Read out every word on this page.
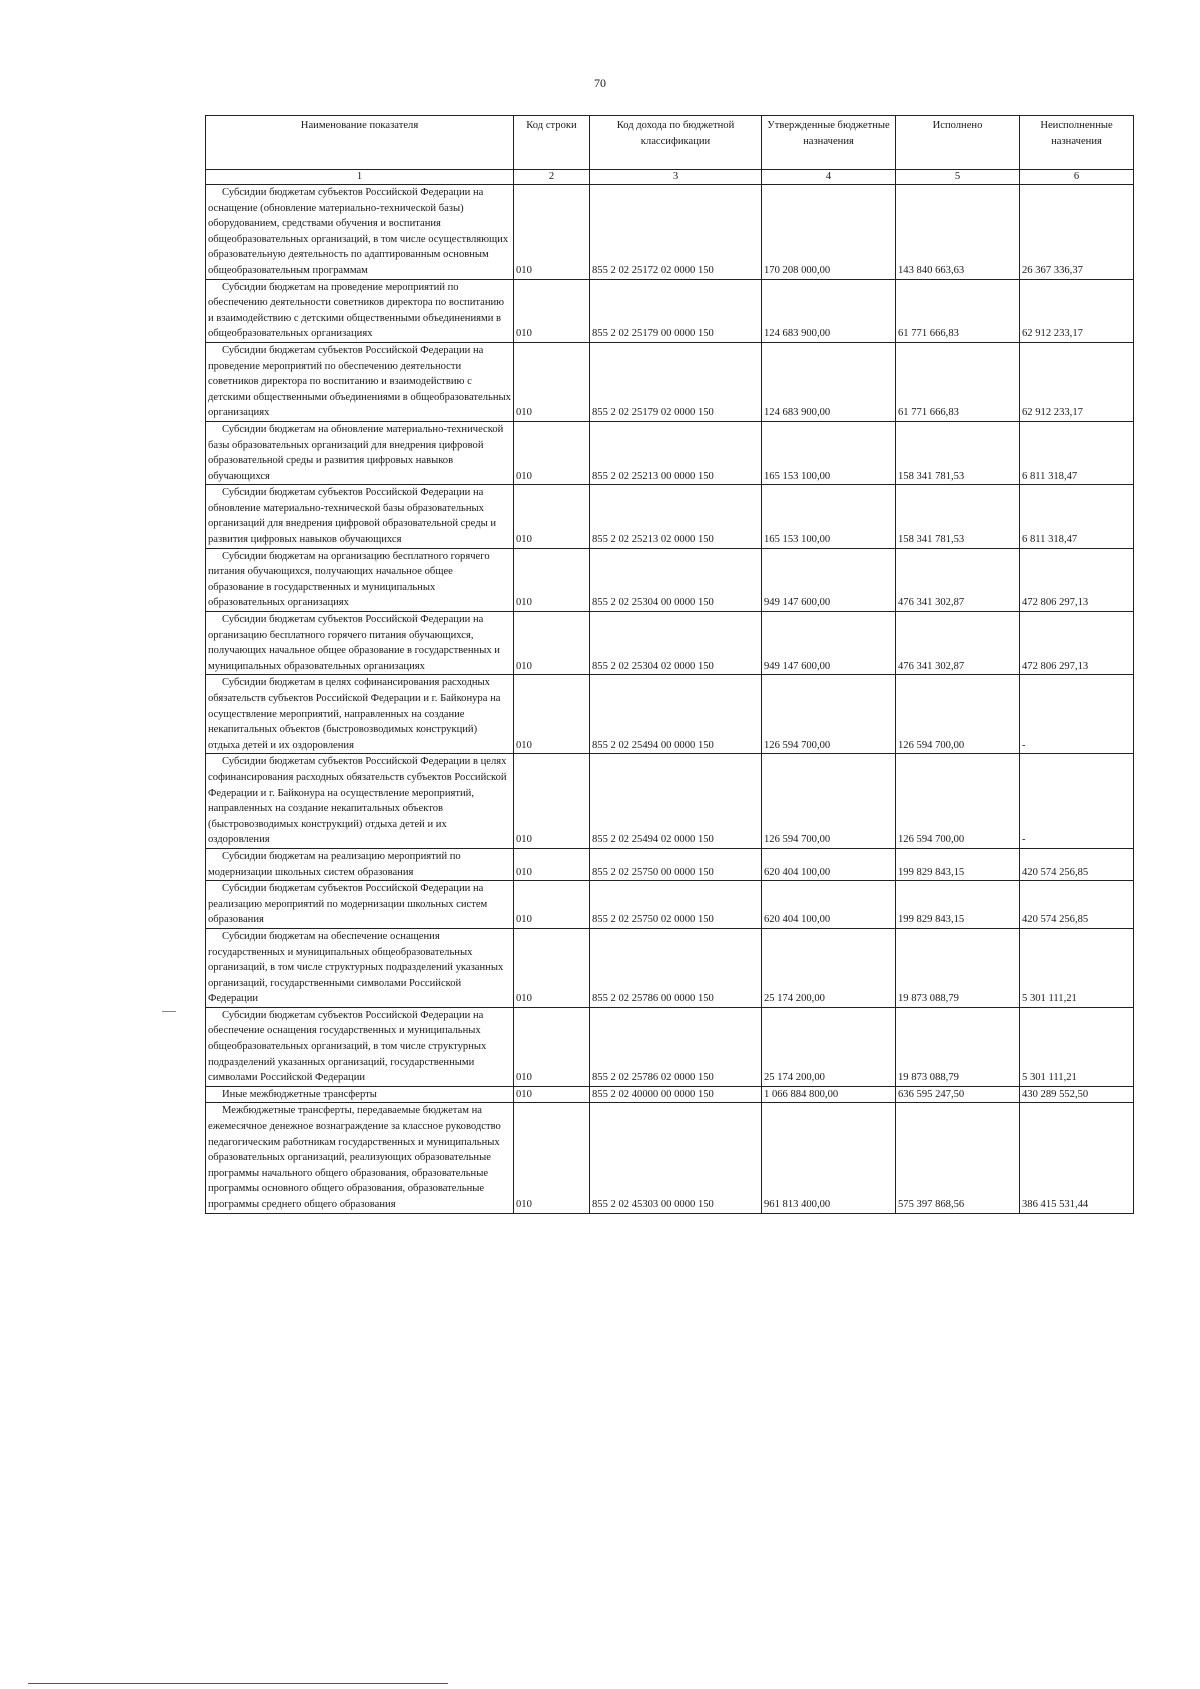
70
Наименование показателя	Код строки	Код дохода по бюджетной классификации	Утвержденные бюджетные назначения	Исполнено	Неисполненные назначения
1	2	3	4	5	6

Субсидии бюджетам субъектов Российской Федерации на оснащение (обновление материально-технической базы) оборудованием, средствами обучения и воспитания общеобразовательных организаций, в том числе осуществляющих образовательную деятельность по адаптированным основным общеобразовательным программам	010	855 2 02 25172 02 0000 150	170 208 000,00	143 840 663,63	26 367 336,37

Субсидии бюджетам на проведение мероприятий по обеспечению деятельности советников директора по воспитанию и взаимодействию с детскими общественными объединениями в общеобразовательных организациях	010	855 2 02 25179 00 0000 150	124 683 900,00	61 771 666,83	62 912 233,17

Субсидии бюджетам субъектов Российской Федерации на проведение мероприятий по обеспечению деятельности советников директора по воспитанию и взаимодействию с детскими общественными объединениями в общеобразовательных организациях	010	855 2 02 25179 02 0000 150	124 683 900,00	61 771 666,83	62 912 233,17

Субсидии бюджетам на обновление материально-технической базы образовательных организаций для внедрения цифровой образовательной среды и развития цифровых навыков обучающихся	010	855 2 02 25213 00 0000 150	165 153 100,00	158 341 781,53	6 811 318,47

Субсидии бюджетам субъектов Российской Федерации на обновление материально-технической базы образовательных организаций для внедрения цифровой образовательной среды и развития цифровых навыков обучающихся	010	855 2 02 25213 02 0000 150	165 153 100,00	158 341 781,53	6 811 318,47

Субсидии бюджетам на организацию бесплатного горячего питания обучающихся, получающих начальное общее образование в государственных и муниципальных образовательных организациях	010	855 2 02 25304 00 0000 150	949 147 600,00	476 341 302,87	472 806 297,13

Субсидии бюджетам субъектов Российской Федерации на организацию бесплатного горячего питания обучающихся, получающих начальное общее образование в государственных и муниципальных образовательных организациях	010	855 2 02 25304 02 0000 150	949 147 600,00	476 341 302,87	472 806 297,13

Субсидии бюджетам в целях софинансирования расходных обязательств субъектов Российской Федерации и г. Байконура на осуществление мероприятий, направленных на создание некапитальных объектов (быстровозводимых конструкций) отдыха детей и их оздоровления	010	855 2 02 25494 00 0000 150	126 594 700,00	126 594 700,00	-

Субсидии бюджетам субъектов Российской Федерации в целях софинансирования расходных обязательств субъектов Российской Федерации и г. Байконура на осуществление мероприятий, направленных на создание некапитальных объектов (быстровозводимых конструкций) отдыха детей и их оздоровления	010	855 2 02 25494 02 0000 150	126 594 700,00	126 594 700,00	-

Субсидии бюджетам на реализацию мероприятий по модернизации школьных систем образования	010	855 2 02 25750 00 0000 150	620 404 100,00	199 829 843,15	420 574 256,85

Субсидии бюджетам субъектов Российской Федерации на реализацию мероприятий по модернизации школьных систем образования	010	855 2 02 25750 02 0000 150	620 404 100,00	199 829 843,15	420 574 256,85

Субсидии бюджетам на обеспечение оснащения государственных и муниципальных общеобразовательных организаций, в том числе структурных подразделений указанных организаций, государственными символами Российской Федерации	010	855 2 02 25786 00 0000 150	25 174 200,00	19 873 088,79	5 301 111,21

Субсидии бюджетам субъектов Российской Федерации на обеспечение оснащения государственных и муниципальных общеобразовательных организаций, в том числе структурных подразделений указанных организаций, государственными символами Российской Федерации	010	855 2 02 25786 02 0000 150	25 174 200,00	19 873 088,79	5 301 111,21

Иные межбюджетные трансферты	010	855 2 02 40000 00 0000 150	1 066 884 800,00	636 595 247,50	430 289 552,50

Межбюджетные трансферты, передаваемые бюджетам на ежемесячное денежное вознаграждение за классное руководство педагогическим работникам государственных и муниципальных образовательных организаций, реализующих образовательные программы начального общего образования, образовательные программы основного общего образования, образовательные программы среднего общего образования	010	855 2 02 45303 00 0000 150	961 813 400,00	575 397 868,56	386 415 531,44
